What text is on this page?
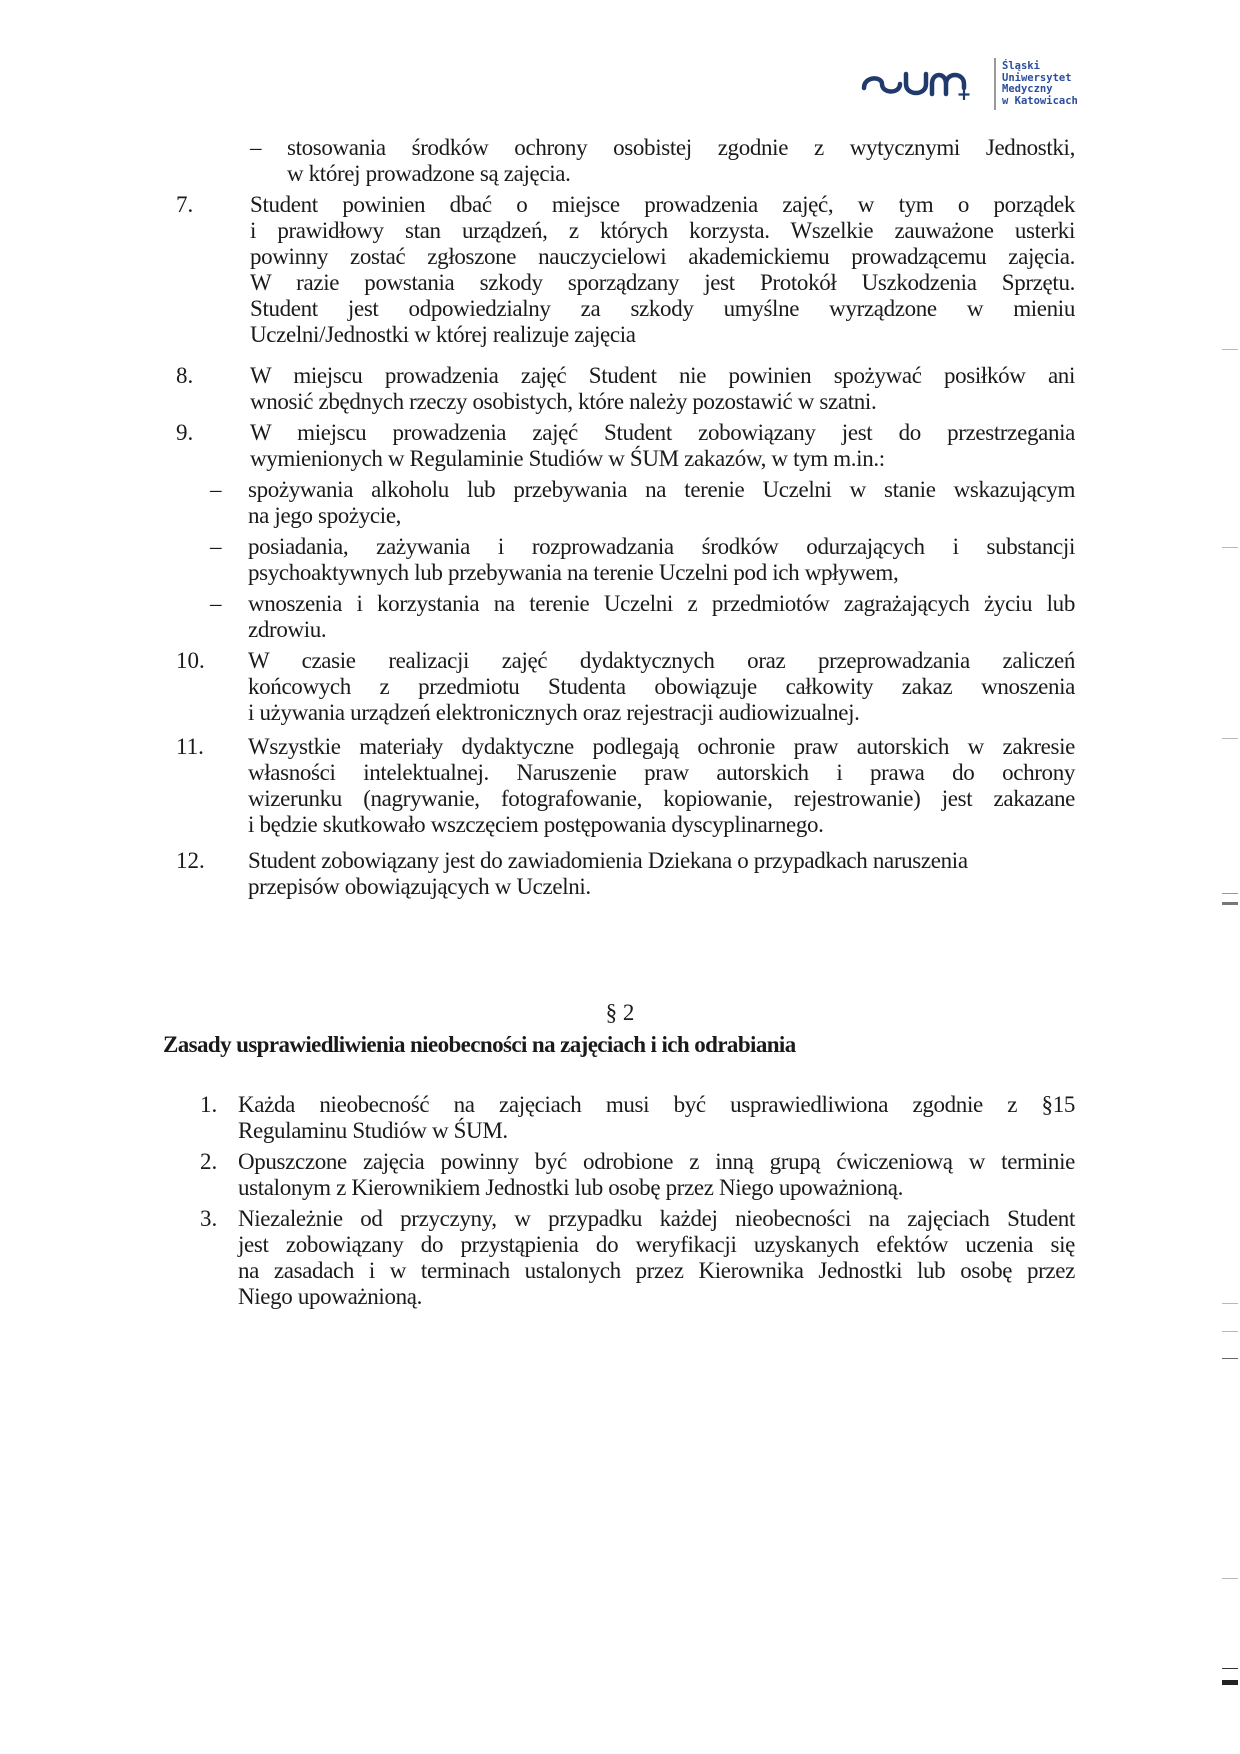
Śląski
Uniwersytet
Medyczny
w Katowicach
– stosowania środków ochrony osobistej zgodnie z wytycznymi Jednostki,
w której prowadzone są zajęcia.
7. Student powinien dbać o miejsce prowadzenia zajęć, w tym o porządek
i prawidłowy stan urządzeń, z których korzysta. Wszelkie zauważone usterki
powinny zostać zgłoszone nauczycielowi akademickiemu prowadzącemu zajęcia.
W razie powstania szkody sporządzany jest Protokół Uszkodzenia Sprzętu.
Student jest odpowiedzialny za szkody umyślne wyrządzone w mieniu
Uczelni/Jednostki w której realizuje zajęcia
8. W miejscu prowadzenia zajęć Student nie powinien spożywać posiłków ani
wnosić zbędnych rzeczy osobistych, które należy pozostawić w szatni.
9. W miejscu prowadzenia zajęć Student zobowiązany jest do przestrzegania
wymienionych w Regulaminie Studiów w ŚUM zakazów, w tym m.in.:
– spożywania alkoholu lub przebywania na terenie Uczelni w stanie wskazującym
na jego spożycie,
– posiadania, zażywania i rozprowadzania środków odurzających i substancji
psychoaktywnych lub przebywania na terenie Uczelni pod ich wpływem,
– wnoszenia i korzystania na terenie Uczelni z przedmiotów zagrażających życiu lub
zdrowiu.
10. W czasie realizacji zajęć dydaktycznych oraz przeprowadzania zaliczeń
końcowych z przedmiotu Studenta obowiązuje całkowity zakaz wnoszenia
i używania urządzeń elektronicznych oraz rejestracji audiowizualnej.
11. Wszystkie materiały dydaktyczne podlegają ochronie praw autorskich w zakresie
własności intelektualnej. Naruszenie praw autorskich i prawa do ochrony
wizerunku (nagrywanie, fotografowanie, kopiowanie, rejestrowanie) jest zakazane
i będzie skutkowało wszczęciem postępowania dyscyplinarnego.
12. Student zobowiązany jest do zawiadomienia Dziekana o przypadkach naruszenia
przepisów obowiązujących w Uczelni.
§ 2
Zasady usprawiedliwienia nieobecności na zajęciach i ich odrabiania
1. Każda nieobecność na zajęciach musi być usprawiedliwiona zgodnie z §15
Regulaminu Studiów w ŚUM.
2. Opuszczone zajęcia powinny być odrobione z inną grupą ćwiczeniową w terminie
ustalonym z Kierownikiem Jednostki lub osobę przez Niego upoważnioną.
3. Niezależnie od przyczyny, w przypadku każdej nieobecności na zajęciach Student
jest zobowiązany do przystąpienia do weryfikacji uzyskanych efektów uczenia się
na zasadach i w terminach ustalonych przez Kierownika Jednostki lub osobę przez
Niego upoważnioną.
